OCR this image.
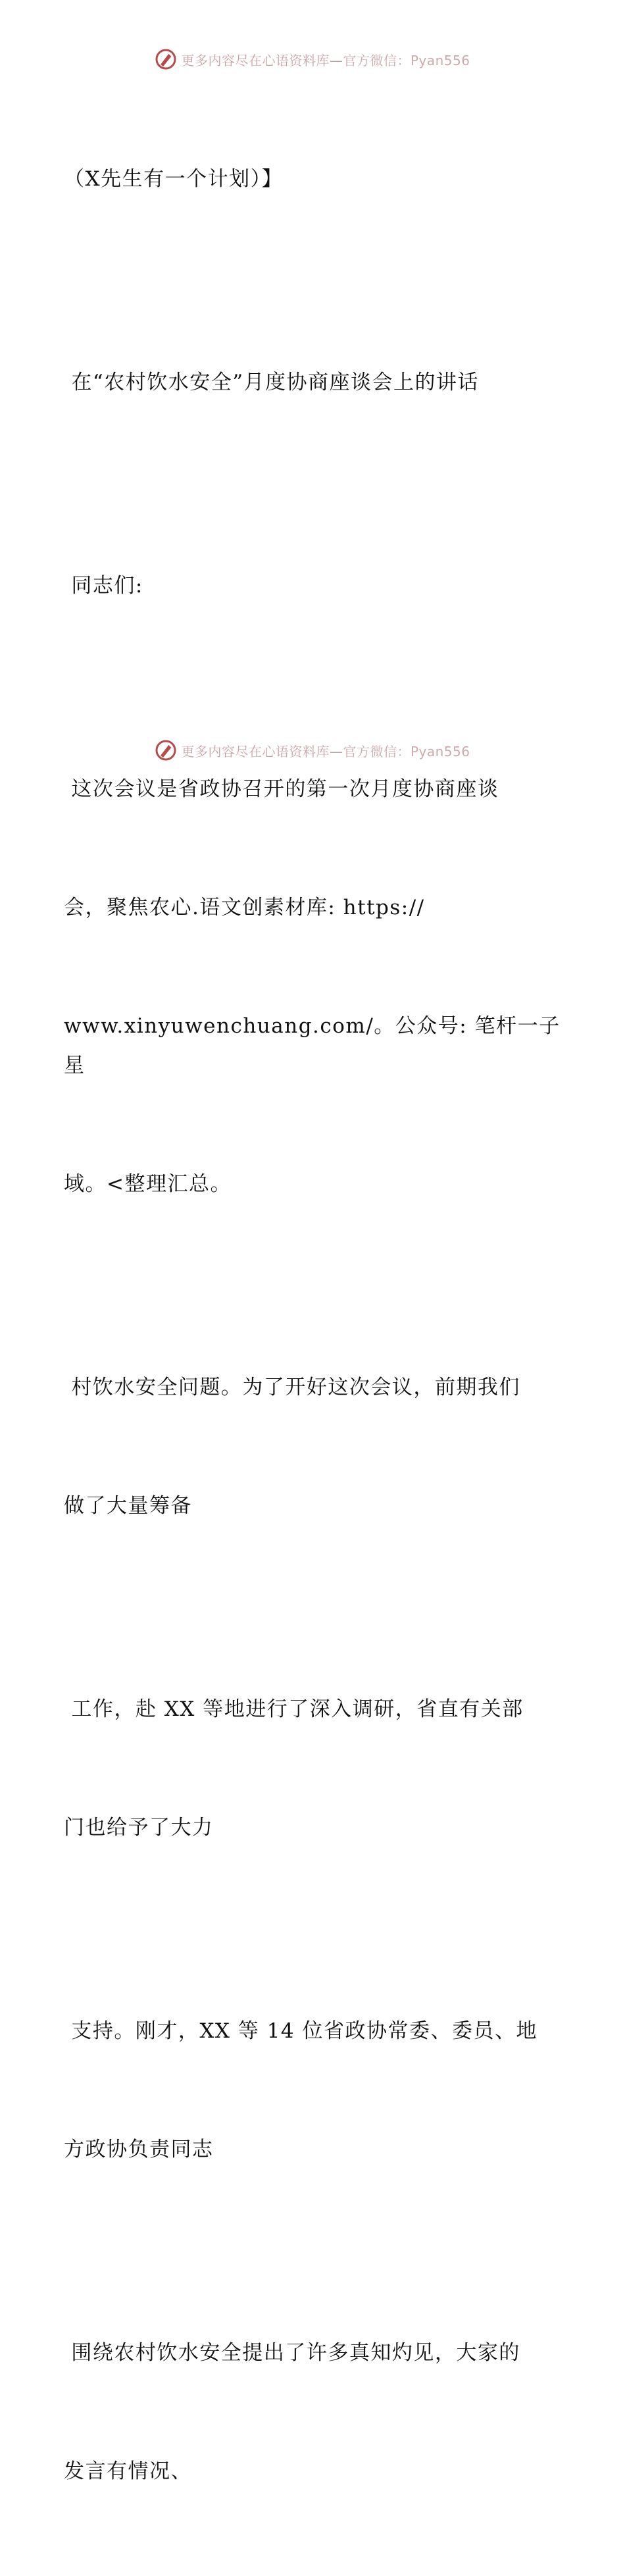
更多内容尽在心语资料库—官方微信：Pyan556

（X先生有一个计划）】

在“农村饮水安全”月度协商座谈会上的讲话

同志们:

这次会议是省政协召开的第一次月度协商座谈

会，聚焦农心.语文创素材库: https://

www.xinyuwenchuang.com/。公众号: 笔杆一子星

域。<整理汇总。

村饮水安全问题。为了开好这次会议，前期我们

做了大量筹备

工作，赴 XX 等地进行了深入调研，省直有关部

门也给予了大力

支持。刚才，XX 等 14 位省政协常委、委员、地

方政协负责同志

围绕农村饮水安全提出了许多真知灼见，大家的

发言有情况、

更多内容尽在心语资料库—官方微信：Pyan556
